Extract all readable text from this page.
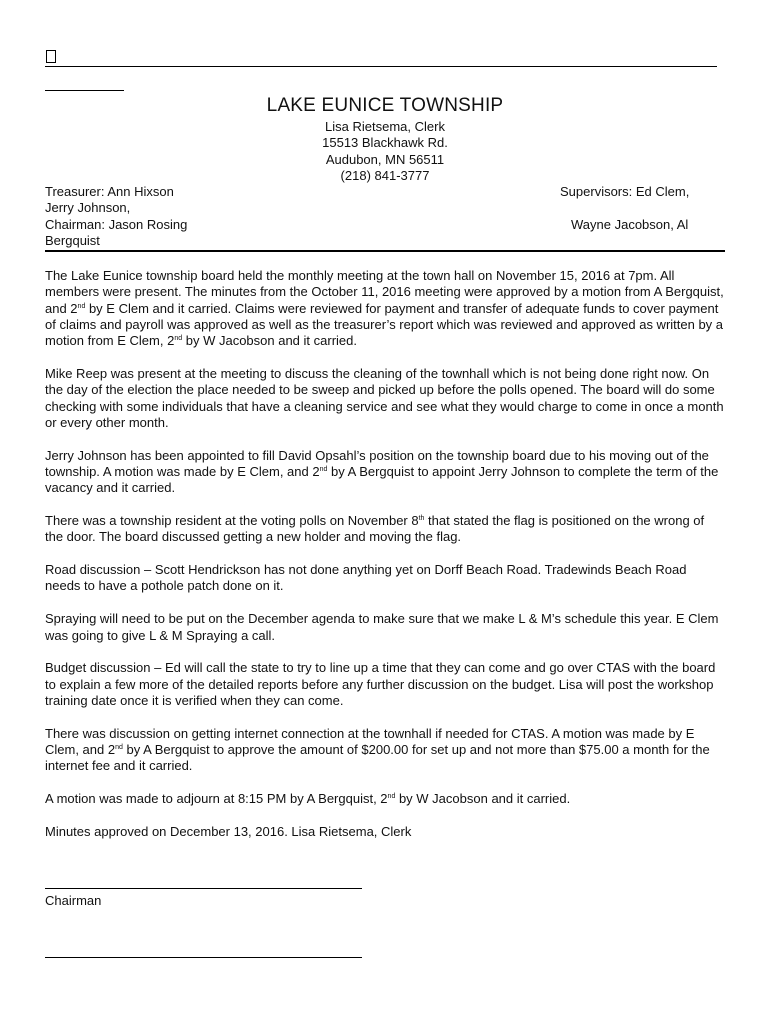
LAKE EUNICE TOWNSHIP
Lisa Rietsema, Clerk
15513 Blackhawk Rd.
Audubon, MN 56511
(218) 841-3777
Treasurer: Ann Hixson
Jerry Johnson,
Chairman: Jason Rosing
Bergquist
Supervisors: Ed Clem,
Wayne Jacobson, Al

The Lake Eunice township board held the monthly meeting at the town hall on November 15, 2016 at 7pm. All members were present. The minutes from the October 11, 2016 meeting were approved by a motion from A Bergquist, and 2nd by E Clem and it carried. Claims were reviewed for payment and transfer of adequate funds to cover payment of claims and payroll was approved as well as the treasurer’s report which was reviewed and approved as written by a motion from E Clem, 2nd by W Jacobson and it carried.

Mike Reep was present at the meeting to discuss the cleaning of the townhall which is not being done right now. On the day of the election the place needed to be sweep and picked up before the polls opened. The board will do some checking with some individuals that have a cleaning service and see what they would charge to come in once a month or every other month.

Jerry Johnson has been appointed to fill David Opsahl’s position on the township board due to his moving out of the township. A motion was made by E Clem, and 2nd by A Bergquist to appoint Jerry Johnson to complete the term of the vacancy and it carried.

There was a township resident at the voting polls on November 8th that stated the flag is positioned on the wrong of the door. The board discussed getting a new holder and moving the flag.

Road discussion – Scott Hendrickson has not done anything yet on Dorff Beach Road. Tradewinds Beach Road needs to have a pothole patch done on it.

Spraying will need to be put on the December agenda to make sure that we make L & M’s schedule this year. E Clem was going to give L & M Spraying a call.

Budget discussion – Ed will call the state to try to line up a time that they can come and go over CTAS with the board to explain a few more of the detailed reports before any further discussion on the budget. Lisa will post the workshop training date once it is verified when they can come.

There was discussion on getting internet connection at the townhall if needed for CTAS. A motion was made by E Clem, and 2nd by A Bergquist to approve the amount of $200.00 for set up and not more than $75.00 a month for the internet fee and it carried.

A motion was made to adjourn at 8:15 PM by A Bergquist, 2nd by W Jacobson and it carried.

Minutes approved on December 13, 2016. Lisa Rietsema, Clerk

Chairman
